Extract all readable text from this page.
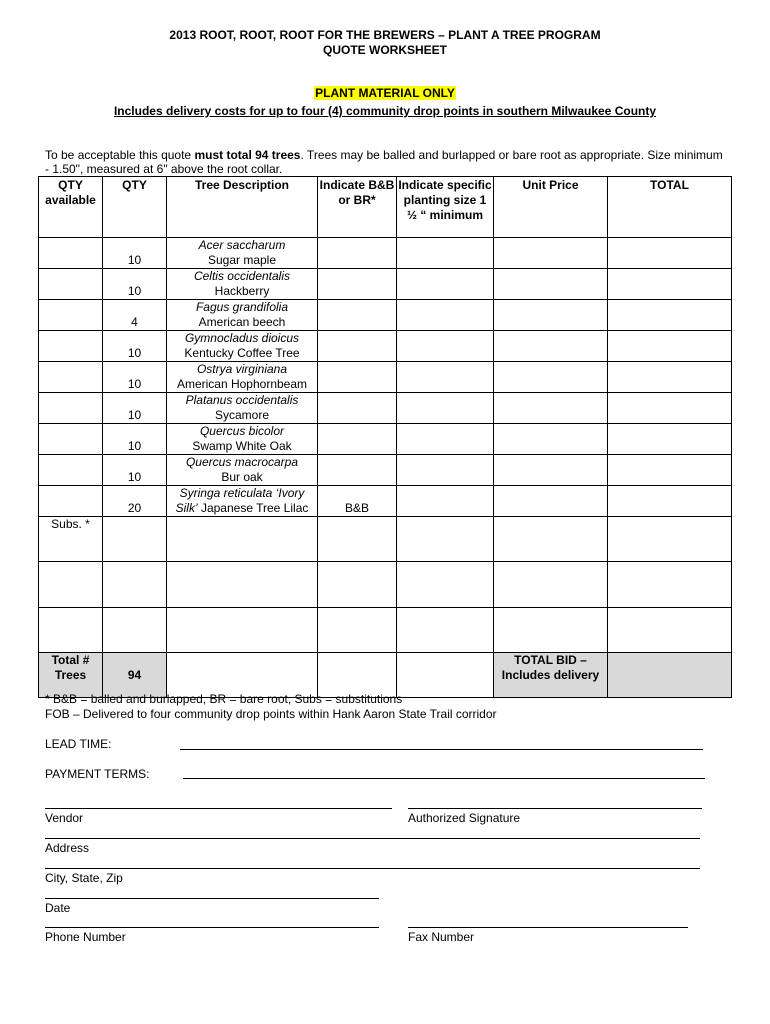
2013 ROOT, ROOT, ROOT FOR THE BREWERS – PLANT A TREE PROGRAM
QUOTE WORKSHEET
PLANT MATERIAL ONLY
Includes delivery costs for up to four (4) community drop points in southern Milwaukee County
To be acceptable this quote must total 94 trees. Trees may be balled and burlapped or bare root as appropriate. Size minimum - 1.50", measured at 6" above the root collar.
QTY available	QTY	Tree Description	Indicate B&B or BR*	Indicate specific planting size 1 ½ “ minimum	Unit Price	TOTAL
	10	Acer saccharum
Sugar maple				

	10	Celtis occidentalis
Hackberry				

	4	Fagus grandifolia
American beech				

	10	Gymnocladus dioicus
Kentucky Coffee Tree				

	10	Ostrya virginiana
American Hophornbeam				

	10	Platanus occidentalis
Sycamore				

	10	Quercus bicolor
Swamp White Oak				

	10	Quercus macrocarpa
Bur oak				

	20	Syringa reticulata ‘Ivory
Silk’ Japanese Tree Lilac	B&B			
Subs. *						

Total # Trees	94				TOTAL BID – Includes delivery	
* B&B = balled and burlapped, BR = bare root, Subs = substitutions
FOB – Delivered to four community drop points within Hank Aaron State Trail corridor
LEAD TIME:
PAYMENT TERMS:
Vendor	Authorized Signature
Address
City, State, Zip
Date
Phone Number	Fax Number
